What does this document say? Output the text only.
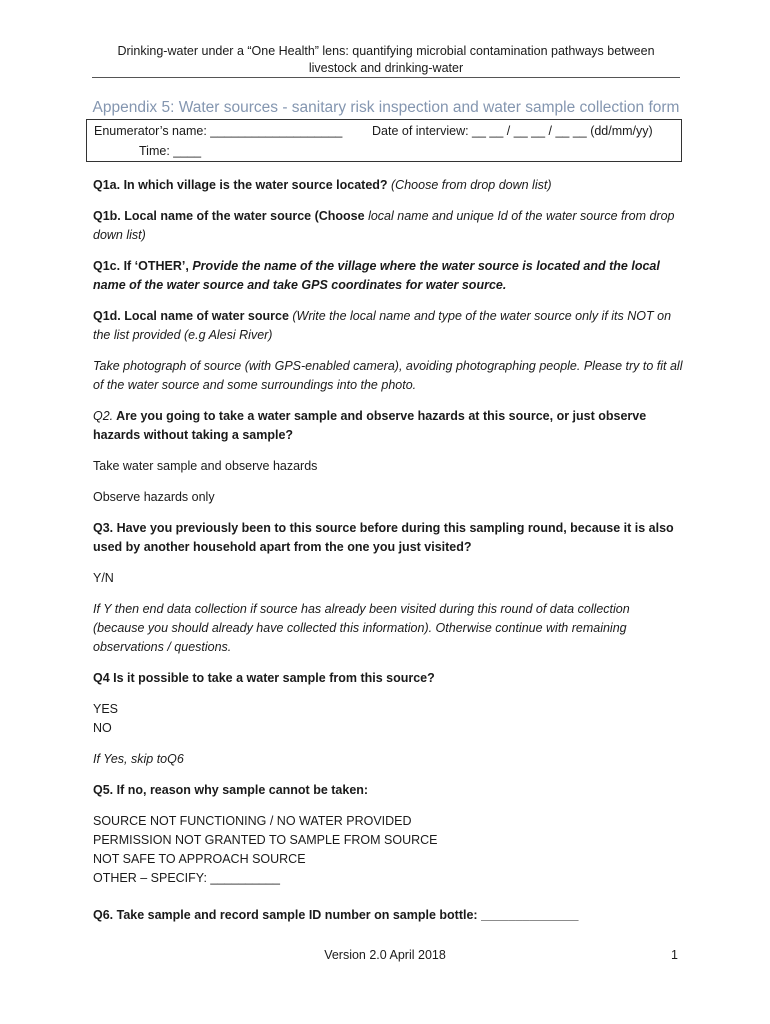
Drinking-water under a “One Health” lens: quantifying microbial contamination pathways between
livestock and drinking-water
Appendix 5: Water sources - sanitary risk inspection and water sample collection form
Enumerator’s name: ___________________ Date of interview: __ __ / __ __ / __ __ (dd/mm/yy)
Time: ____

Q1a. In which village is the water source located? (Choose from drop down list)

Q1b. Local name of the water source (Choose local name and unique Id of the water source from drop down list)

Q1c. If ‘OTHER’, Provide the name of the village where the water source is located and the local name of the water source and take GPS coordinates for water source.

Q1d. Local name of water source (Write the local name and type of the water source only if its NOT on the list provided (e.g Alesi River)

Take photograph of source (with GPS-enabled camera), avoiding photographing people. Please try to fit all of the water source and some surroundings into the photo.

Q2. Are you going to take a water sample and observe hazards at this source, or just observe hazards without taking a sample?

Take water sample and observe hazards

Observe hazards only

Q3. Have you previously been to this source before during this sampling round, because it is also used by another household apart from the one you just visited?

Y/N

If Y then end data collection if source has already been visited during this round of data collection (because you should already have collected this information). Otherwise continue with remaining observations / questions.

Q4 Is it possible to take a water sample from this source?

YES

NO

If Yes, skip toQ6

Q5. If no, reason why sample cannot be taken:

SOURCE NOT FUNCTIONING / NO WATER PROVIDED

PERMISSION NOT GRANTED TO SAMPLE FROM SOURCE

NOT SAFE TO APPROACH SOURCE

OTHER – SPECIFY: __________

Q6. Take sample and record sample ID number on sample bottle: ______________

Version 2.0 April 2018	1
